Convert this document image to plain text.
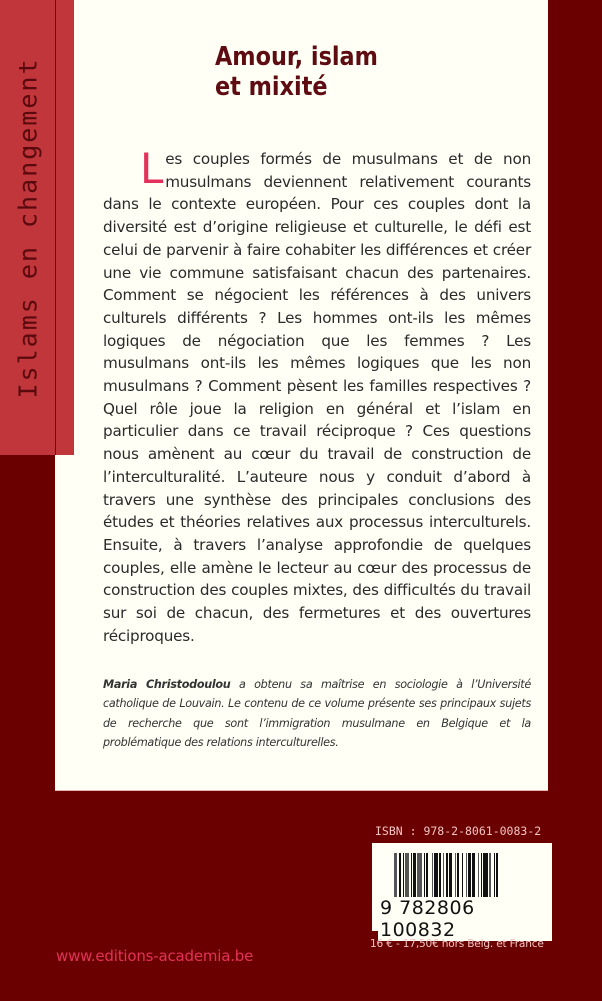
Islams en changement	Amour, islam
et mixité
Les couples formés de musulmans et de non musulmans deviennent relativement courants dans le contexte européen. Pour ces couples dont la diversité est d’origine religieuse et culturelle, le défi est celui de parvenir à faire cohabiter les différences et créer une vie commune satisfaisant chacun des partenaires. Comment se négocient les références à des univers culturels différents ? Les hommes ont-ils les mêmes logiques de négociation que les femmes ? Les musulmans ont-ils les mêmes logiques que les non musulmans ? Comment pèsent les familles respectives ? Quel rôle joue la religion en général et l’islam en particulier dans ce travail réciproque ? Ces questions nous amènent au cœur du travail de construction de l’interculturalité. L’auteure nous y conduit d’abord à travers une synthèse des principales conclusions des études et théories relatives aux processus interculturels. Ensuite, à travers l’analyse approfondie de quelques couples, elle amène le lecteur au cœur des processus de construction des couples mixtes, des difficultés du travail sur soi de chacun, des fermetures et des ouvertures réciproques.
Maria Christodoulou a obtenu sa maîtrise en sociologie à l’Université catholique de Louvain. Le contenu de ce volume présente ses principaux sujets de recherche que sont l’immigration musulmane en Belgique et la problématique des relations interculturelles.
ISBN : 978-2-8061-0083-2
9 782806 100832
16 € - 17,50€ hors Belg. et France
www.editions-academia.be
